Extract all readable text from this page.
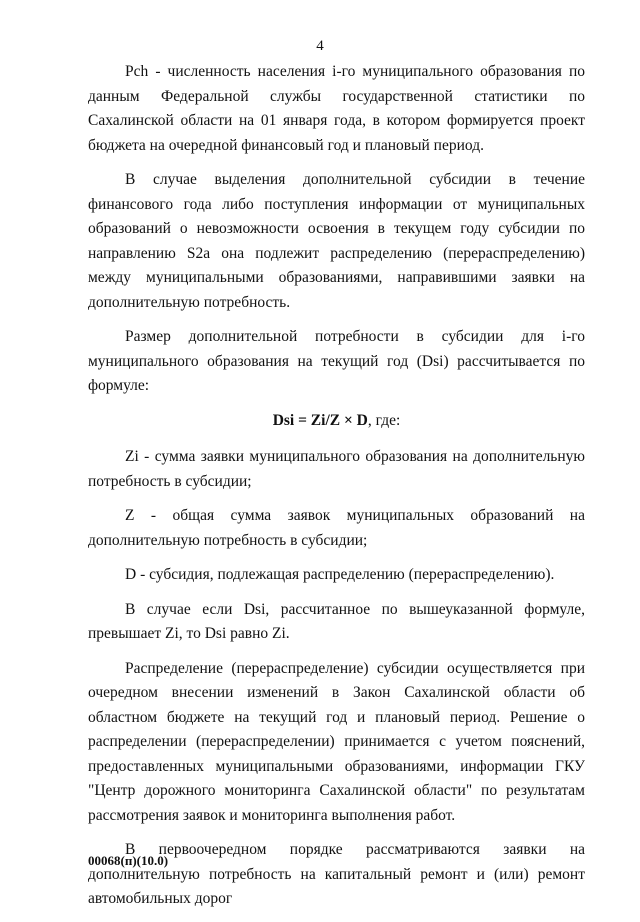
4

Pch - численность населения i-го муниципального образования по данным Федеральной службы государственной статистики по Сахалинской области на 01 января года, в котором формируется проект бюджета на очередной финансовый год и плановый период.

В случае выделения дополнительной субсидии в течение финансового года либо поступления информации от муниципальных образований о невозможности освоения в текущем году субсидии по направлению S2a она подлежит распределению (перераспределению) между муниципальными образованиями, направившими заявки на дополнительную потребность.

Размер дополнительной потребности в субсидии для i-го муниципального образования на текущий год (Dsi) рассчитывается по формуле:

Dsi = Zi/Z × D, где:

Zi - сумма заявки муниципального образования на дополнительную потребность в субсидии;

Z - общая сумма заявок муниципальных образований на дополнительную потребность в субсидии;

D - субсидия, подлежащая распределению (перераспределению).

В случае если Dsi, рассчитанное по вышеуказанной формуле, превышает Zi, то Dsi равно Zi.

Распределение (перераспределение) субсидии осуществляется при очередном внесении изменений в Закон Сахалинской области об областном бюджете на текущий год и плановый период. Решение о распределении (перераспределении) принимается с учетом пояснений, предоставленных муниципальными образованиями, информации ГКУ "Центр дорожного мониторинга Сахалинской области" по результатам рассмотрения заявок и мониторинга выполнения работ.

В первоочередном порядке рассматриваются заявки на дополнительную потребность на капитальный ремонт и (или) ремонт автомобильных дорог

00068(п)(10.0)
